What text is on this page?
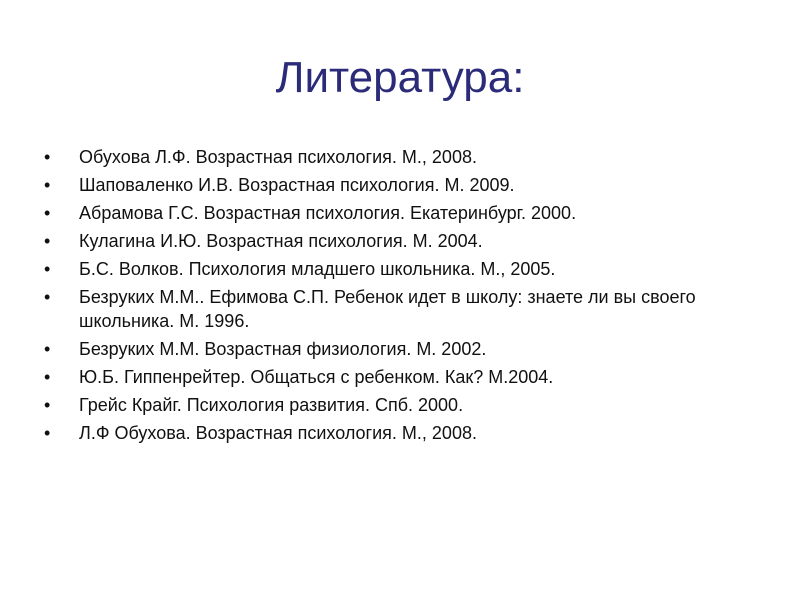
Литература:
•	Обухова Л.Ф. Возрастная психология. М., 2008.
•	Шаповаленко И.В. Возрастная психология. М. 2009.
•	Абрамова Г.С. Возрастная психология. Екатеринбург. 2000.
•	Кулагина И.Ю. Возрастная психология. М. 2004.
•	Б.С. Волков. Психология младшего школьника. М., 2005.
•	Безруких М.М.. Ефимова С.П. Ребенок идет в школу: знаете ли вы своего школьника. М. 1996.
•	Безруких М.М. Возрастная физиология. М. 2002.
•	Ю.Б. Гиппенрейтер. Общаться с ребенком. Как? М.2004.
•	Грейс Крайг. Психология развития. Спб. 2000.
•	Л.Ф Обухова. Возрастная психология. М., 2008.
